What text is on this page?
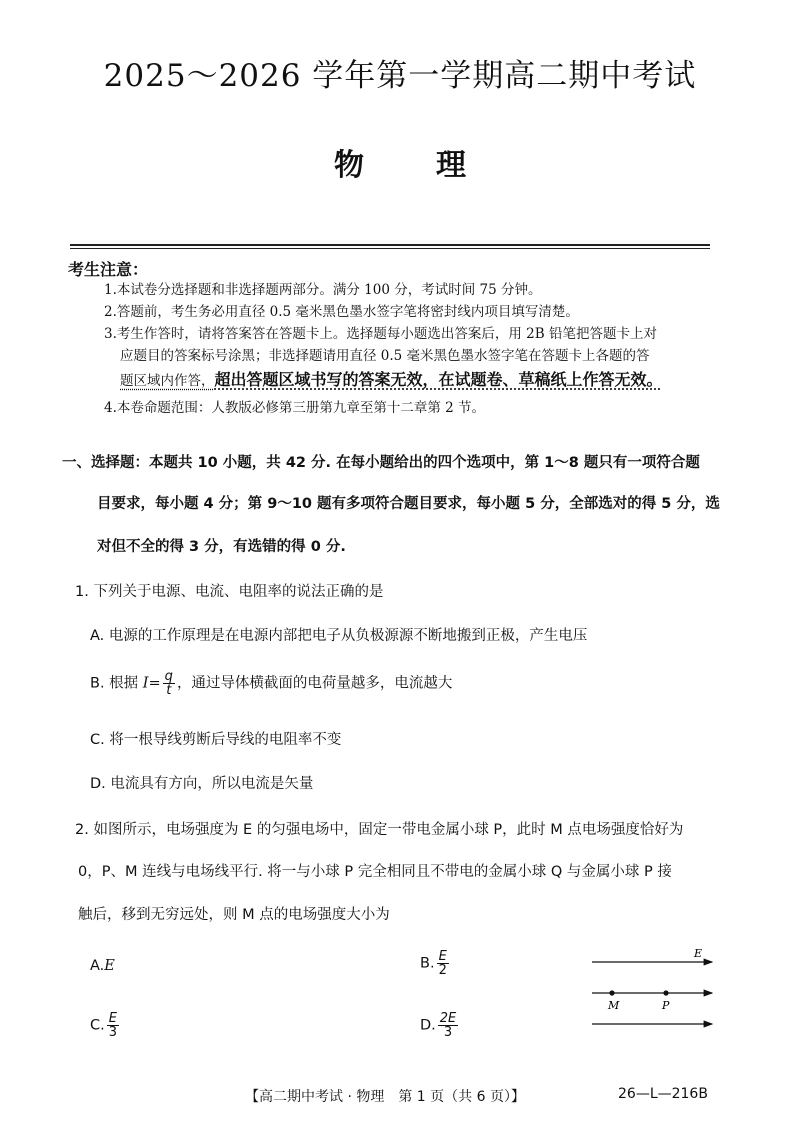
2025～2026 学年第一学期高二期中考试
物 理
考生注意：
1.本试卷分选择题和非选择题两部分。满分 100 分，考试时间 75 分钟。
2.答题前，考生务必用直径 0.5 毫米黑色墨水签字笔将密封线内项目填写清楚。
3.考生作答时，请将答案答在答题卡上。选择题每小题选出答案后，用 2B 铅笔把答题卡上对
应题目的答案标号涂黑；非选择题请用直径 0.5 毫米黑色墨水签字笔在答题卡上各题的答
题区域内作答，超出答题区域书写的答案无效，在试题卷、草稿纸上作答无效。
4.本卷命题范围：人教版必修第三册第九章至第十二章第 2 节。
一、选择题：本题共 10 小题，共 42 分. 在每小题给出的四个选项中，第 1～8 题只有一项符合题
目要求，每小题 4 分；第 9～10 题有多项符合题目要求，每小题 5 分，全部选对的得 5 分，选
对但不全的得 3 分，有选错的得 0 分.
1. 下列关于电源、电流、电阻率的说法正确的是
A. 电源的工作原理是在电源内部把电子从负极源源不断地搬到正极，产生电压
B. 根据 $I= \frac{q}{t}$ ，通过导体横截面的电荷量越多，电流越大
C. 将一根导线剪断后导线的电阻率不变
D. 电流具有方向，所以电流是矢量
2. 如图所示，电场强度为 E 的匀强电场中，固定一带电金属小球 P，此时 M 点电场强度恰好为
0，P、M 连线与电场线平行. 将一与小球 P 完全相同且不带电的金属小球 Q 与金属小球 P 接
触后，移到无穷远处，则 M 点的电场强度大小为
A.E	B. $\frac{E}{2}$
C. $\frac{E}{3}$	D. $\frac{2E}{3}$
E
M	P
【高二期中考试 · 物理　第 1 页（共 6 页）】	26—L—216B
